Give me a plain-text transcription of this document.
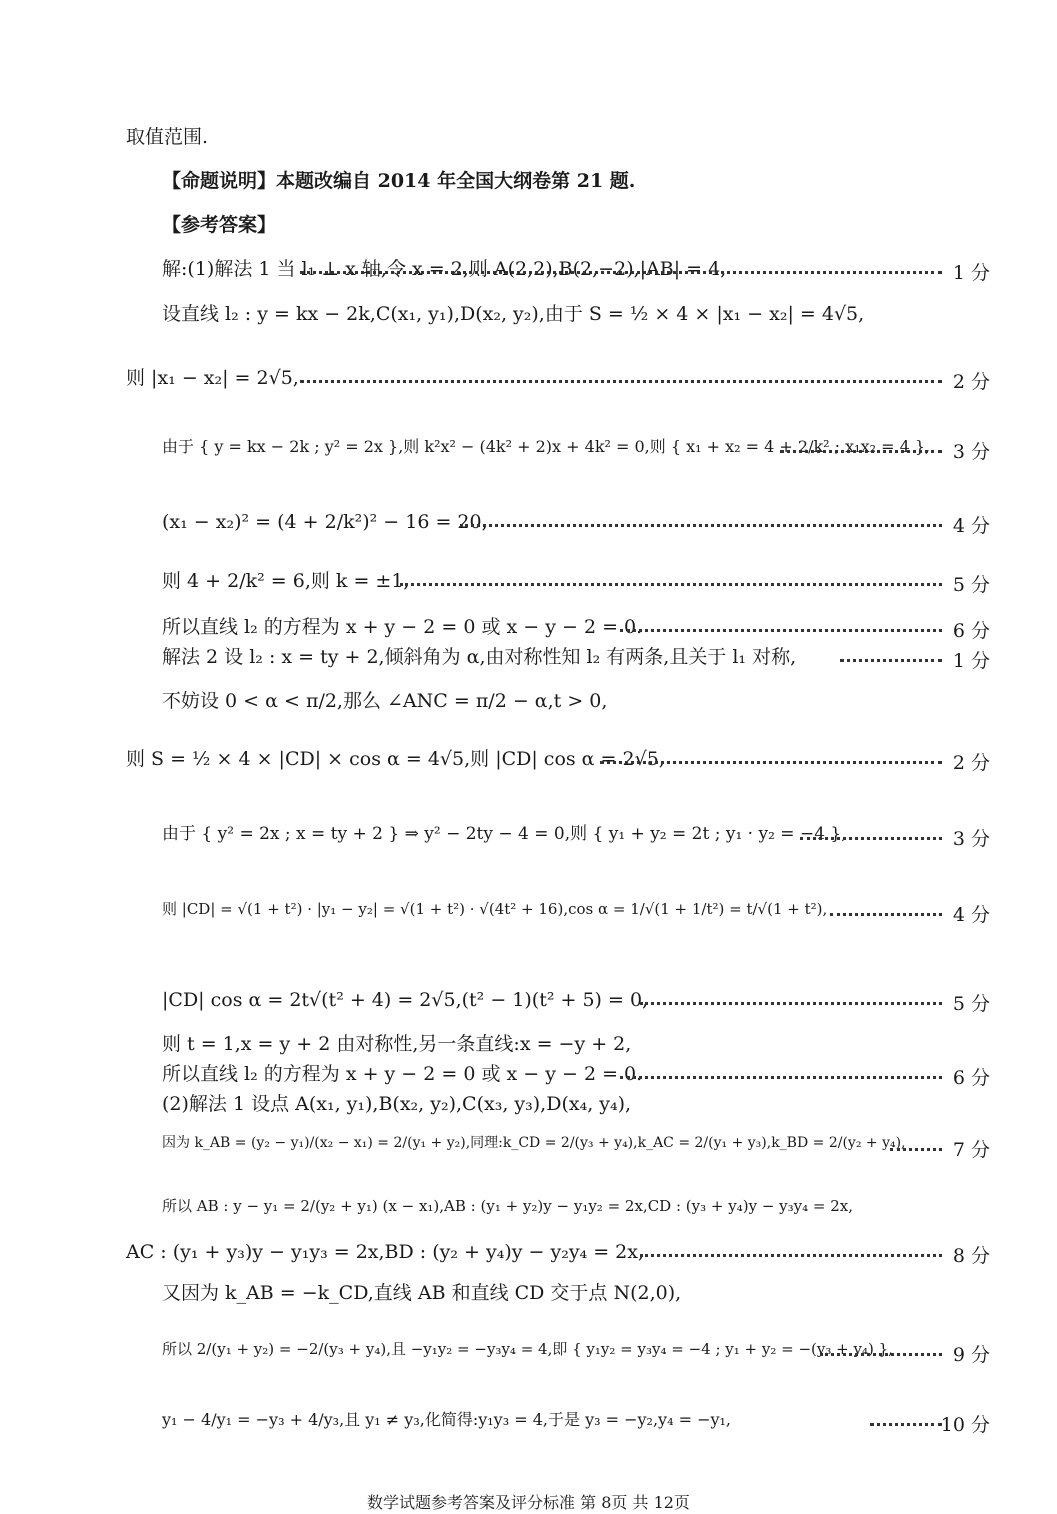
取值范围.
【命题说明】本题改编自 2014 年全国大纲卷第 21 题.
【参考答案】
解:(1)解法 1 当 l₁ ⊥ x 轴,令 x = 2,则 A(2,2),B(2,−2),|AB| = 4,
设直线 l₂ : y = kx − 2k,C(x₁, y₁),D(x₂, y₂),由于 S = ½ × 4 × |x₁ − x₂| = 4√5,
则 |x₁ − x₂| = 2√5,
由于 { y = kx − 2k ; y² = 2x },则 k²x² − (4k² + 2)x + 4k² = 0,则 { x₁ + x₂ = 4 + 2/k² ; x₁x₂ = 4 },
(x₁ − x₂)² = (4 + 2/k²)² − 16 = 20,
则 4 + 2/k² = 6,则 k = ±1,
所以直线 l₂ 的方程为 x + y − 2 = 0 或 x − y − 2 = 0.
解法 2 设 l₂ : x = ty + 2,倾斜角为 α,由对称性知 l₂ 有两条,且关于 l₁ 对称,
不妨设 0 < α < π/2,那么 ∠ANC = π/2 − α,t > 0,
则 S = ½ × 4 × |CD| × cos α = 4√5,则 |CD| cos α = 2√5,
由于 { y² = 2x ; x = ty + 2 } ⇒ y² − 2ty − 4 = 0,则 { y₁ + y₂ = 2t ; y₁ · y₂ = −4 },
则 |CD| = √(1 + t²) · |y₁ − y₂| = √(1 + t²) · √(4t² + 16),cos α = 1/√(1 + 1/t²) = t/√(1 + t²),
|CD| cos α = 2t√(t² + 4) = 2√5,(t² − 1)(t² + 5) = 0,
则 t = 1,x = y + 2 由对称性,另一条直线:x = −y + 2,
所以直线 l₂ 的方程为 x + y − 2 = 0 或 x − y − 2 = 0.
(2)解法 1 设点 A(x₁, y₁),B(x₂, y₂),C(x₃, y₃),D(x₄, y₄),
因为 k_AB = (y₂ − y₁)/(x₂ − x₁) = 2/(y₁ + y₂),同理:k_CD = 2/(y₃ + y₄),k_AC = 2/(y₁ + y₃),k_BD = 2/(y₂ + y₄),
所以 AB : y − y₁ = 2/(y₂ + y₁) (x − x₁),AB : (y₁ + y₂)y − y₁y₂ = 2x,CD : (y₃ + y₄)y − y₃y₄ = 2x,
AC : (y₁ + y₃)y − y₁y₃ = 2x,BD : (y₂ + y₄)y − y₂y₄ = 2x,
又因为 k_AB = −k_CD,直线 AB 和直线 CD 交于点 N(2,0),
所以 2/(y₁ + y₂) = −2/(y₃ + y₄),且 −y₁y₂ = −y₃y₄ = 4,即 { y₁y₂ = y₃y₄ = −4 ; y₁ + y₂ = −(y₃ + y₄) },
y₁ − 4/y₁ = −y₃ + 4/y₃,且 y₁ ≠ y₃,化简得:y₁y₃ = 4,于是 y₃ = −y₂,y₄ = −y₁,
1 分
2 分
3 分
4 分
5 分
6 分
1 分
2 分
3 分
4 分
5 分
6 分
7 分
8 分
9 分
10 分
数学试题参考答案及评分标准 第 8页 共 12页
